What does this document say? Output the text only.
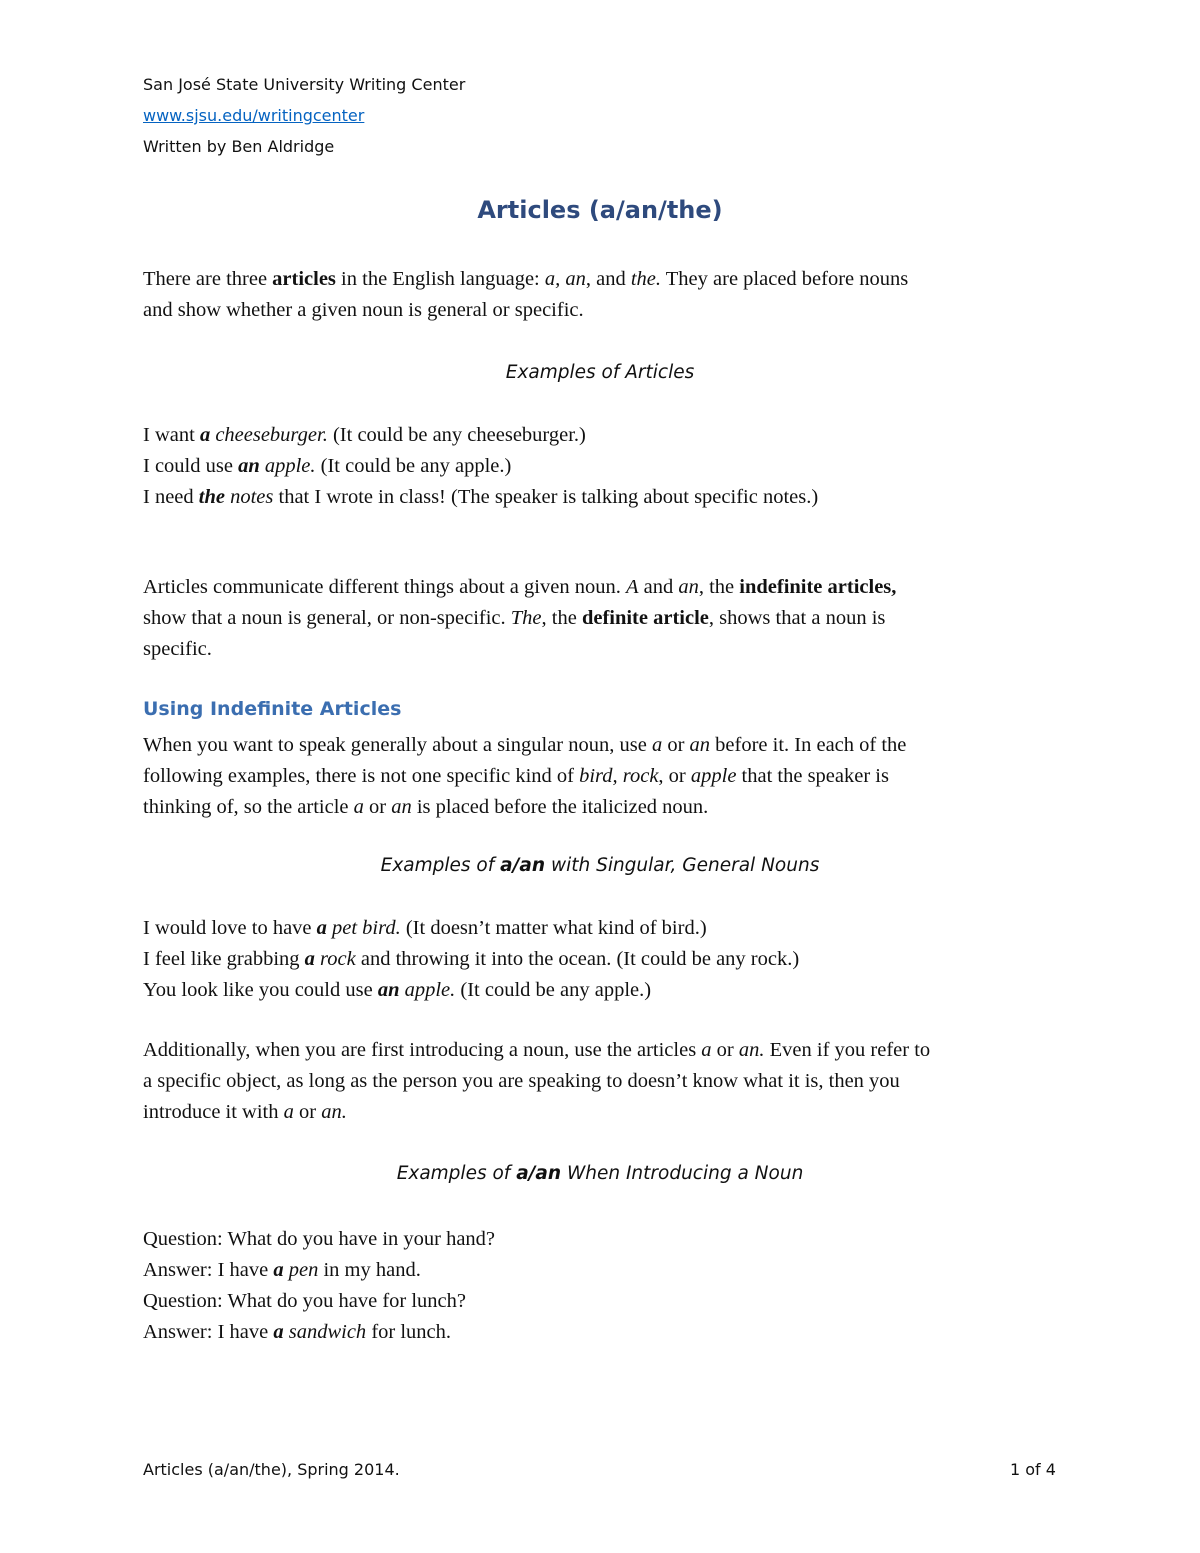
San José State University Writing Center
www.sjsu.edu/writingcenter
Written by Ben Aldridge
Articles (a/an/the)
There are three articles in the English language: a, an, and the. They are placed before nouns
and show whether a given noun is general or specific.
Examples of Articles
I want a cheeseburger. (It could be any cheeseburger.)
I could use an apple. (It could be any apple.)
I need the notes that I wrote in class! (The speaker is talking about specific notes.)
Articles communicate different things about a given noun. A and an, the indefinite articles,
show that a noun is general, or non-specific. The, the definite article, shows that a noun is
specific.
Using Indefinite Articles
When you want to speak generally about a singular noun, use a or an before it. In each of the
following examples, there is not one specific kind of bird, rock, or apple that the speaker is
thinking of, so the article a or an is placed before the italicized noun.
Examples of a/an with Singular, General Nouns
I would love to have a pet bird. (It doesn’t matter what kind of bird.)
I feel like grabbing a rock and throwing it into the ocean. (It could be any rock.)
You look like you could use an apple. (It could be any apple.)
Additionally, when you are first introducing a noun, use the articles a or an. Even if you refer to
a specific object, as long as the person you are speaking to doesn’t know what it is, then you
introduce it with a or an.
Examples of a/an When Introducing a Noun
Question: What do you have in your hand?
Answer: I have a pen in my hand.
Question: What do you have for lunch?
Answer: I have a sandwich for lunch.
Articles (a/an/the), Spring 2014.	1 of 4
